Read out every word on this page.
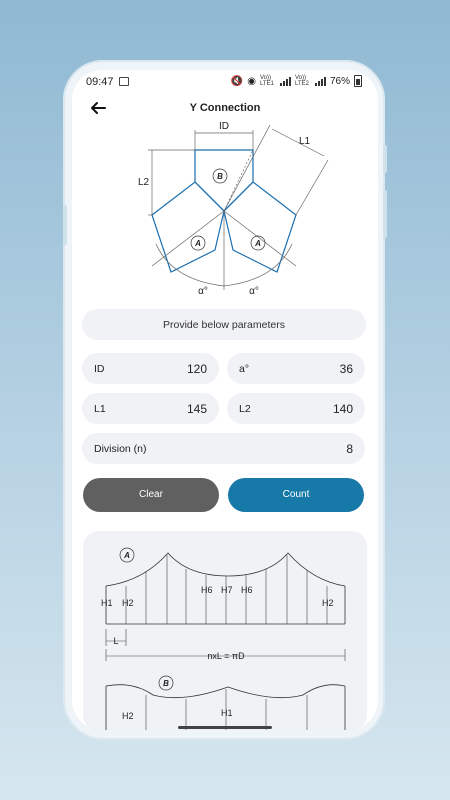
09:47	🔇 ◉ Vo)) LTE1
Vo)) LTE2 76%
Y Connection
ID
L1
L2
B
A	A
α°	α°
Provide below parameters
ID	120	a°	36
L1	145	L2	140
Division (n)	8
Clear	Count
A
B
H1 H2
H6 H7 H6
H2
L
nxL = πD
H2	H1
